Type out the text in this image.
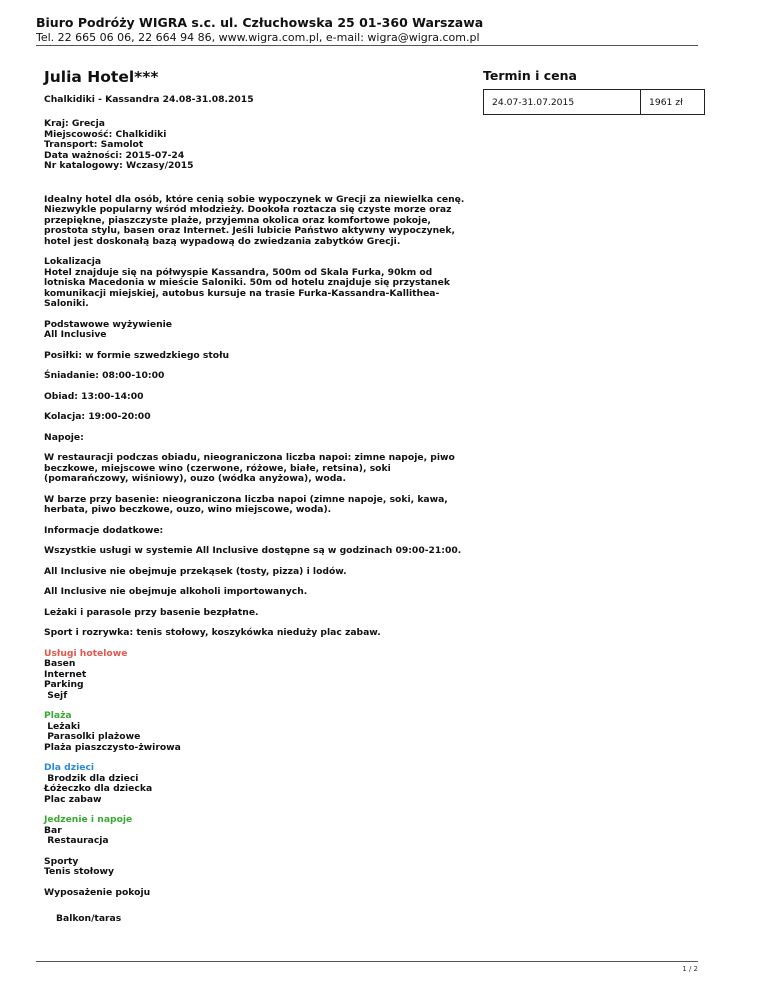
Biuro Podróży WIGRA s.c. ul. Człuchowska 25 01-360 Warszawa
Tel. 22 665 06 06, 22 664 94 86, www.wigra.com.pl, e-mail: wigra@wigra.com.pl
Julia Hotel***
Chalkidiki - Kassandra 24.08-31.08.2015
Kraj: Grecja
Miejscowość: Chalkidiki
Transport: Samolot
Data ważności: 2015-07-24
Nr katalogowy: Wczasy/2015
Idealny hotel dla osób, które cenią sobie wypoczynek w Grecji za niewielka cenę.
Niezwykle popularny wśród młodzieży. Dookoła roztacza się czyste morze oraz
przepiękne, piaszczyste plaże, przyjemna okolica oraz komfortowe pokoje,
prostota stylu, basen oraz Internet. Jeśli lubicie Państwo aktywny wypoczynek,
hotel jest doskonałą bazą wypadową do zwiedzania zabytków Grecji.
Lokalizacja
Hotel znajduje się na półwyspie Kassandra, 500m od Skala Furka, 90km od
lotniska Macedonia w mieście Saloniki. 50m od hotelu znajduje się przystanek
komunikacji miejskiej, autobus kursuje na trasie Furka-Kassandra-Kallithea-
Saloniki.
Podstawowe wyżywienie
All Inclusive
Posiłki: w formie szwedzkiego stołu
Śniadanie: 08:00-10:00
Obiad: 13:00-14:00
Kolacja: 19:00-20:00
Napoje:
W restauracji podczas obiadu, nieograniczona liczba napoi: zimne napoje, piwo
beczkowe, miejscowe wino (czerwone, różowe, białe, retsina), soki
(pomarańczowy, wiśniowy), ouzo (wódka anyżowa), woda.
W barze przy basenie: nieograniczona liczba napoi (zimne napoje, soki, kawa,
herbata, piwo beczkowe, ouzo, wino miejscowe, woda).
Informacje dodatkowe:
Wszystkie usługi w systemie All Inclusive dostępne są w godzinach 09:00-21:00.
All Inclusive nie obejmuje przekąsek (tosty, pizza) i lodów.
All Inclusive nie obejmuje alkoholi importowanych.
Leżaki i parasole przy basenie bezpłatne.
Sport i rozrywka: tenis stołowy, koszykówka nieduży plac zabaw.
Usługi hotelowe
Basen
Internet
Parking
Sejf
Plaża
Leżaki
Parasolki plażowe
Plaża piaszczysto-żwirowa
Dla dzieci
Brodzik dla dzieci
Łóżeczko dla dziecka
Plac zabaw
Jedzenie i napoje
Bar
Restauracja
Sporty
Tenis stołowy
Wyposażenie pokoju
Balkon/taras
Termin i cena
24.07-31.07.2015	1961 zł
1 / 2
